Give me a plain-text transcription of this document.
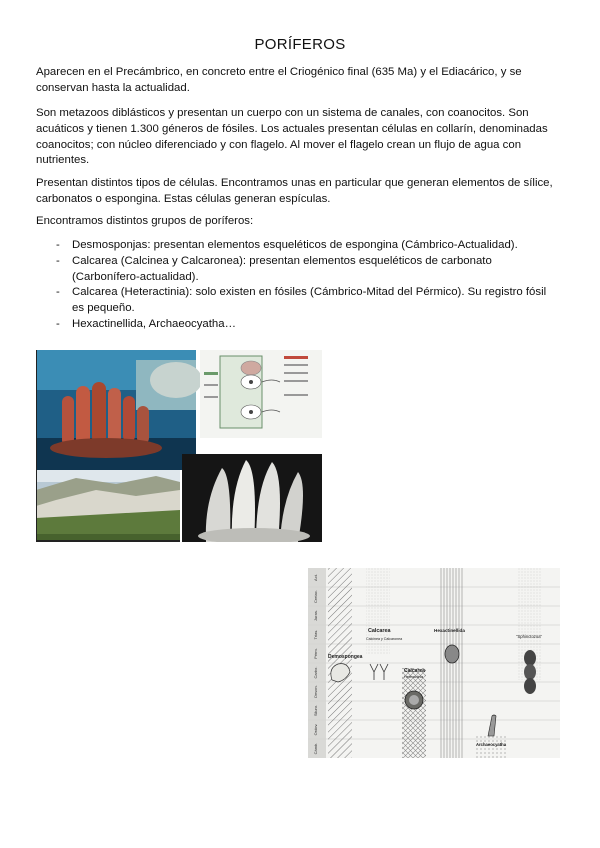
PORÍFEROS
Aparecen en el Precámbrico, en concreto entre el Criogénico final (635 Ma) y el Ediacárico, y se conservan hasta la actualidad.
Son metazoos diblásticos y presentan un cuerpo con un sistema de canales, con coanocitos. Son acuáticos y tienen 1.300 géneros de fósiles. Los actuales presentan células en collarín, denominadas coanocitos; con núcleo diferenciado y con flagelo. Al mover el flagelo crean un flujo de agua con nutrientes.
Presentan distintos tipos de células. Encontramos unas en particular que generan elementos de sílice, carbonatos o espongina. Estas células generan espículas.
Encontramos distintos grupos de poríferos:
- Desmosponjas: presentan elementos esqueléticos de espongina (Cámbrico-Actualidad).
- Calcarea (Calcinea y Calcaronea): presentan elementos esqueléticos de carbonato (Carbonífero-actualidad).
- Calcarea (Heteractinia): solo existen en fósiles (Cámbrico-Mitad del Pérmico). Su registro fósil es pequeño.
- Hexactinellida, Archaeocyatha…
Act.
Cretac.
Juras.
Trias.
Pérm.
Carbo.
Devon.
Siluro.
Ordov.
Cámb.
Demospongea
Calcarea
Calcinea y Calcaronea
Calcarea
Heteractinia
Hexactinellida
"Sphinctozoa"
Archaeocyatha
